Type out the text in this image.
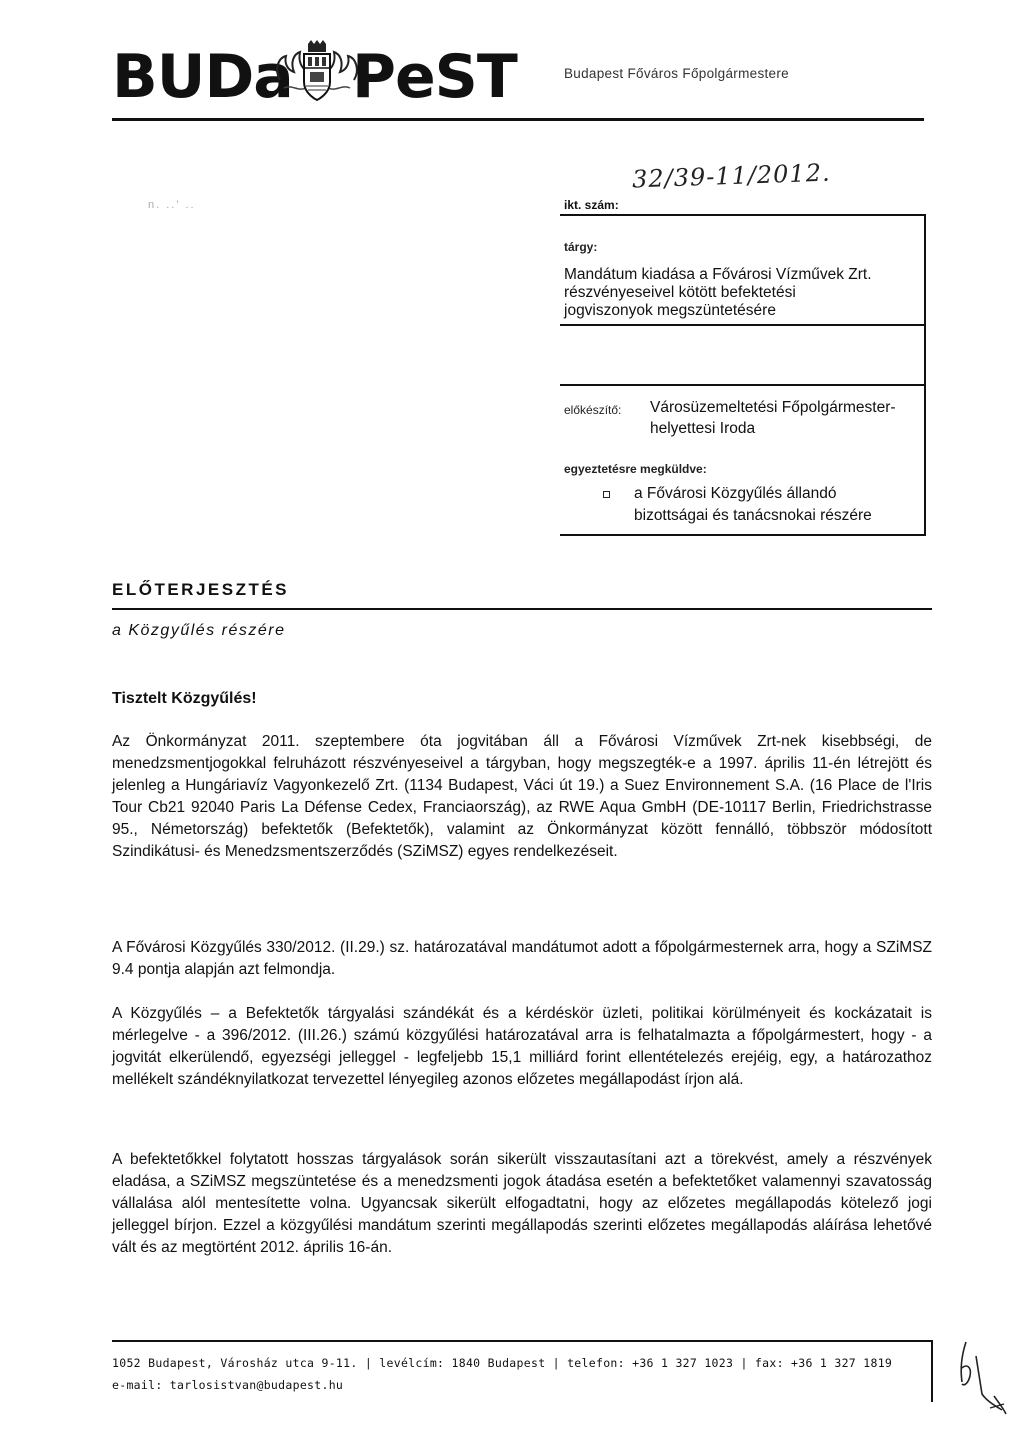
BUDa PeST	Budapest Főváros Főpolgármestere
n. ..' ..
32/39-11/2012.
ikt. szám:
tárgy:
Mandátum kiadása a Fővárosi Vízművek Zrt.
részvényeseivel kötött befektetési
jogviszonyok megszüntetésére
előkészítő: Városüzemeltetési Főpolgármester-
helyettesi Iroda
egyeztetésre megküldve:
a Fővárosi Közgyűlés állandó
bizottságai és tanácsnokai részére
ELŐTERJESZTÉS
a Közgyűlés részére
Tisztelt Közgyűlés!

Az Önkormányzat 2011. szeptembere óta jogvitában áll a Fővárosi Vízművek Zrt-nek kisebbségi, de menedzsmentjogokkal felruházott részvényeseivel a tárgyban, hogy megszegték-e a 1997. április 11-én létrejött és jelenleg a Hungáriavíz Vagyonkezelő Zrt. (1134 Budapest, Váci út 19.) a Suez Environnement S.A. (16 Place de l'Iris Tour Cb21 92040 Paris La Défense Cedex, Franciaország), az RWE Aqua GmbH (DE-10117 Berlin, Friedrichstrasse 95., Németország) befektetők (Befektetők), valamint az Önkormányzat között fennálló, többször módosított Szindikátusi- és Menedzsmentszerződés (SZiMSZ) egyes rendelkezéseit.

A Fővárosi Közgyűlés 330/2012. (II.29.) sz. határozatával mandátumot adott a főpolgármesternek arra, hogy a SZiMSZ 9.4 pontja alapján azt felmondja.

A Közgyűlés – a Befektetők tárgyalási szándékát és a kérdéskör üzleti, politikai körülményeit és kockázatait is mérlegelve - a 396/2012. (III.26.) számú közgyűlési határozatával arra is felhatalmazta a főpolgármestert, hogy - a jogvitát elkerülendő, egyezségi jelleggel - legfeljebb 15,1 milliárd forint ellentételezés erejéig, egy, a határozathoz mellékelt szándéknyilatkozat tervezettel lényegileg azonos előzetes megállapodást írjon alá.

A befektetőkkel folytatott hosszas tárgyalások során sikerült visszautasítani azt a törekvést, amely a részvények eladása, a SZiMSZ megszüntetése és a menedzsmenti jogok átadása esetén a befektetőket valamennyi szavatosság vállalása alól mentesítette volna. Ugyancsak sikerült elfogadtatni, hogy az előzetes megállapodás kötelező jogi jelleggel bírjon. Ezzel a közgyűlési mandátum szerinti megállapodás szerinti előzetes megállapodás aláírása lehetővé vált és az megtörtént 2012. április 16-án.

1052 Budapest, Városház utca 9-11. | levélcím: 1840 Budapest | telefon: +36 1 327 1023 | fax: +36 1 327 1819
e-mail: tarlosistvan@budapest.hu
